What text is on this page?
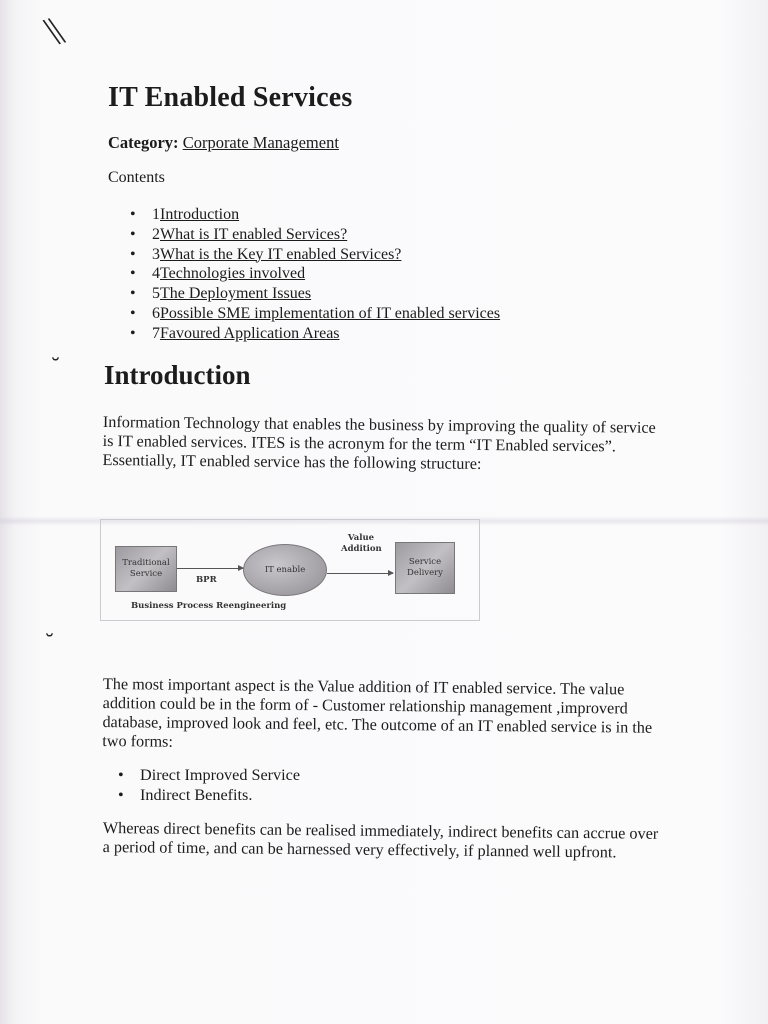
\\
˘
˘
IT Enabled Services
Category: Corporate Management
Contents
• 1Introduction
• 2What is IT enabled Services?
• 3What is the Key IT enabled Services?
• 4Technologies involved
• 5The Deployment Issues
• 6Possible SME implementation of IT enabled services
• 7Favoured Application Areas
Introduction

Information Technology that enables the business by improving the quality of service is IT enabled services. ITES is the acronym for the term “IT Enabled services”. Essentially, IT enabled service has the following structure:

Traditional Service
BPR
IT enable
Value Addition
Service Delivery
Business Process Reengineering

The most important aspect is the Value addition of IT enabled service. The value addition could be in the form of - Customer relationship management ,improverd database, improved look and feel, etc. The outcome of an IT enabled service is in the two forms:

• Direct Improved Service
• Indirect Benefits.

Whereas direct benefits can be realised immediately, indirect benefits can accrue over a period of time, and can be harnessed very effectively, if planned well upfront.
